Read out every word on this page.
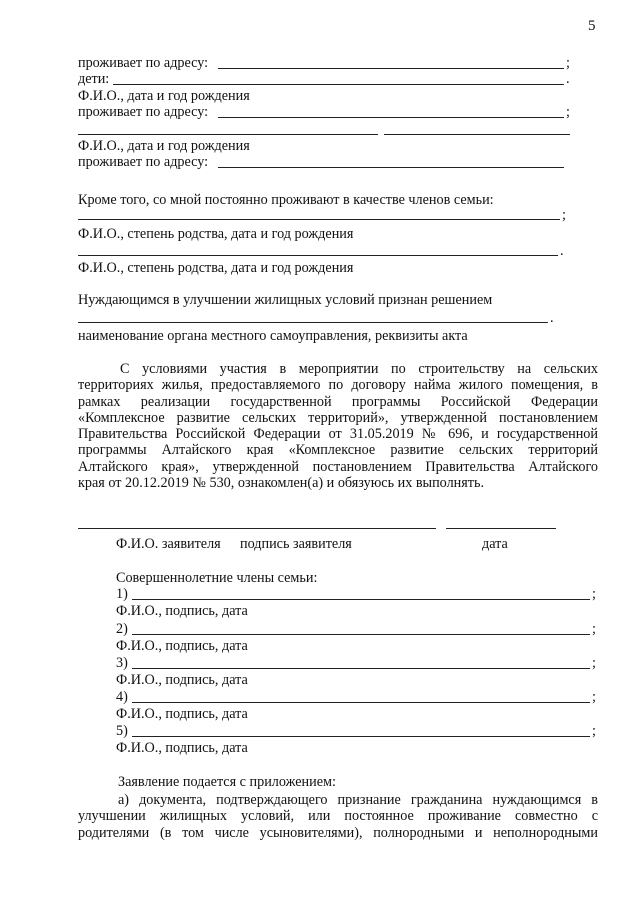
5
проживает по адресу:	;
дети:	.
Ф.И.О., дата и год рождения
проживает по адресу:	;
Ф.И.О., дата и год рождения
проживает по адресу:
Кроме того, со мной постоянно проживают в качестве членов семьи:
;
Ф.И.О., степень родства, дата и год рождения
.
Ф.И.О., степень родства, дата и год рождения
Нуждающимся в улучшении жилищных условий признан решением
.
наименование органа местного самоуправления, реквизиты акта
С условиями участия в мероприятии по строительству на сельских
территориях жилья, предоставляемого по договору найма жилого помещения, в
рамках реализации государственной программы Российской Федерации
«Комплексное развитие сельских территорий», утвержденной постановлением
Правительства Российской Федерации от 31.05.2019 № 696, и государственной
программы Алтайского края «Комплексное развитие сельских территорий
Алтайского края», утвержденной постановлением Правительства Алтайского
края от 20.12.2019 № 530, ознакомлен(а) и обязуюсь их выполнять.
Ф.И.О. заявителя подпись заявителя	дата
Совершеннолетние члены семьи:
1)	;
Ф.И.О., подпись, дата
2)	;
Ф.И.О., подпись, дата
3)	;
Ф.И.О., подпись, дата
4)	;
Ф.И.О., подпись, дата
5)	;
Ф.И.О., подпись, дата
Заявление подается с приложением:
а) документа, подтверждающего признание гражданина нуждающимся в
улучшении жилищных условий, или постоянное проживание совместно с
родителями (в том числе усыновителями), полнородными и неполнородными
